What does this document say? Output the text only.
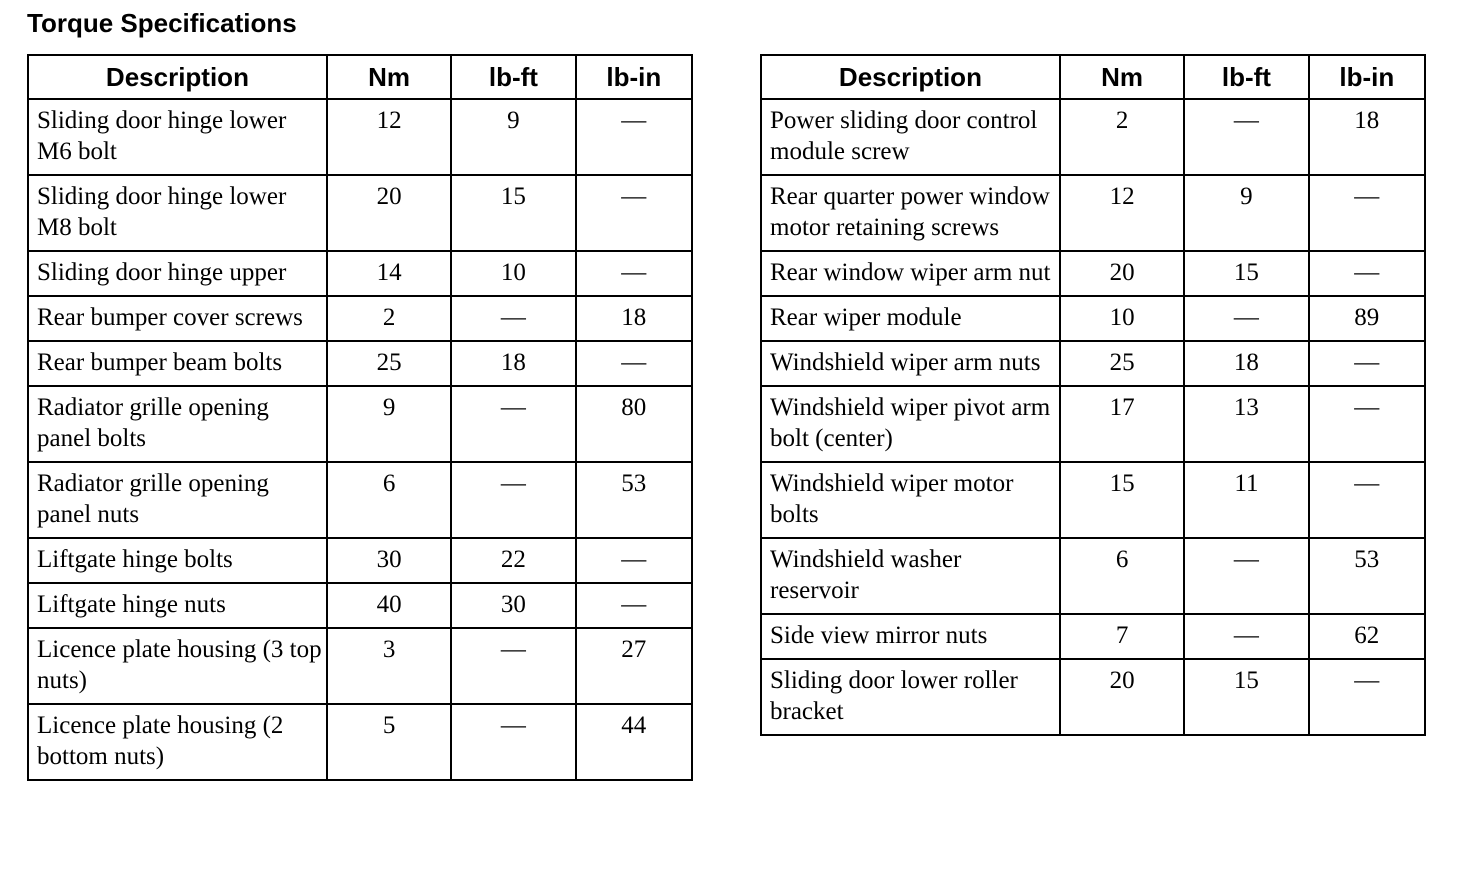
Torque Specifications
Description	Nm	lb-ft	lb-in
Sliding door hinge lower M6 bolt	12	9	—
Sliding door hinge lower M8 bolt	20	15	—
Sliding door hinge upper	14	10	—
Rear bumper cover screws	2	—	18
Rear bumper beam bolts	25	18	—
Radiator grille opening panel bolts	9	—	80
Radiator grille opening panel nuts	6	—	53
Liftgate hinge bolts	30	22	—
Liftgate hinge nuts	40	30	—
Licence plate housing (3 top nuts)	3	—	27
Licence plate housing (2 bottom nuts)	5	—	44
Description	Nm	lb-ft	lb-in
Power sliding door control module screw	2	—	18
Rear quarter power window motor retaining screws	12	9	—
Rear window wiper arm nut	20	15	—
Rear wiper module	10	—	89
Windshield wiper arm nuts	25	18	—
Windshield wiper pivot arm bolt (center)	17	13	—
Windshield wiper motor bolts	15	11	—
Windshield washer reservoir	6	—	53
Side view mirror nuts	7	—	62
Sliding door lower roller bracket	20	15	—
